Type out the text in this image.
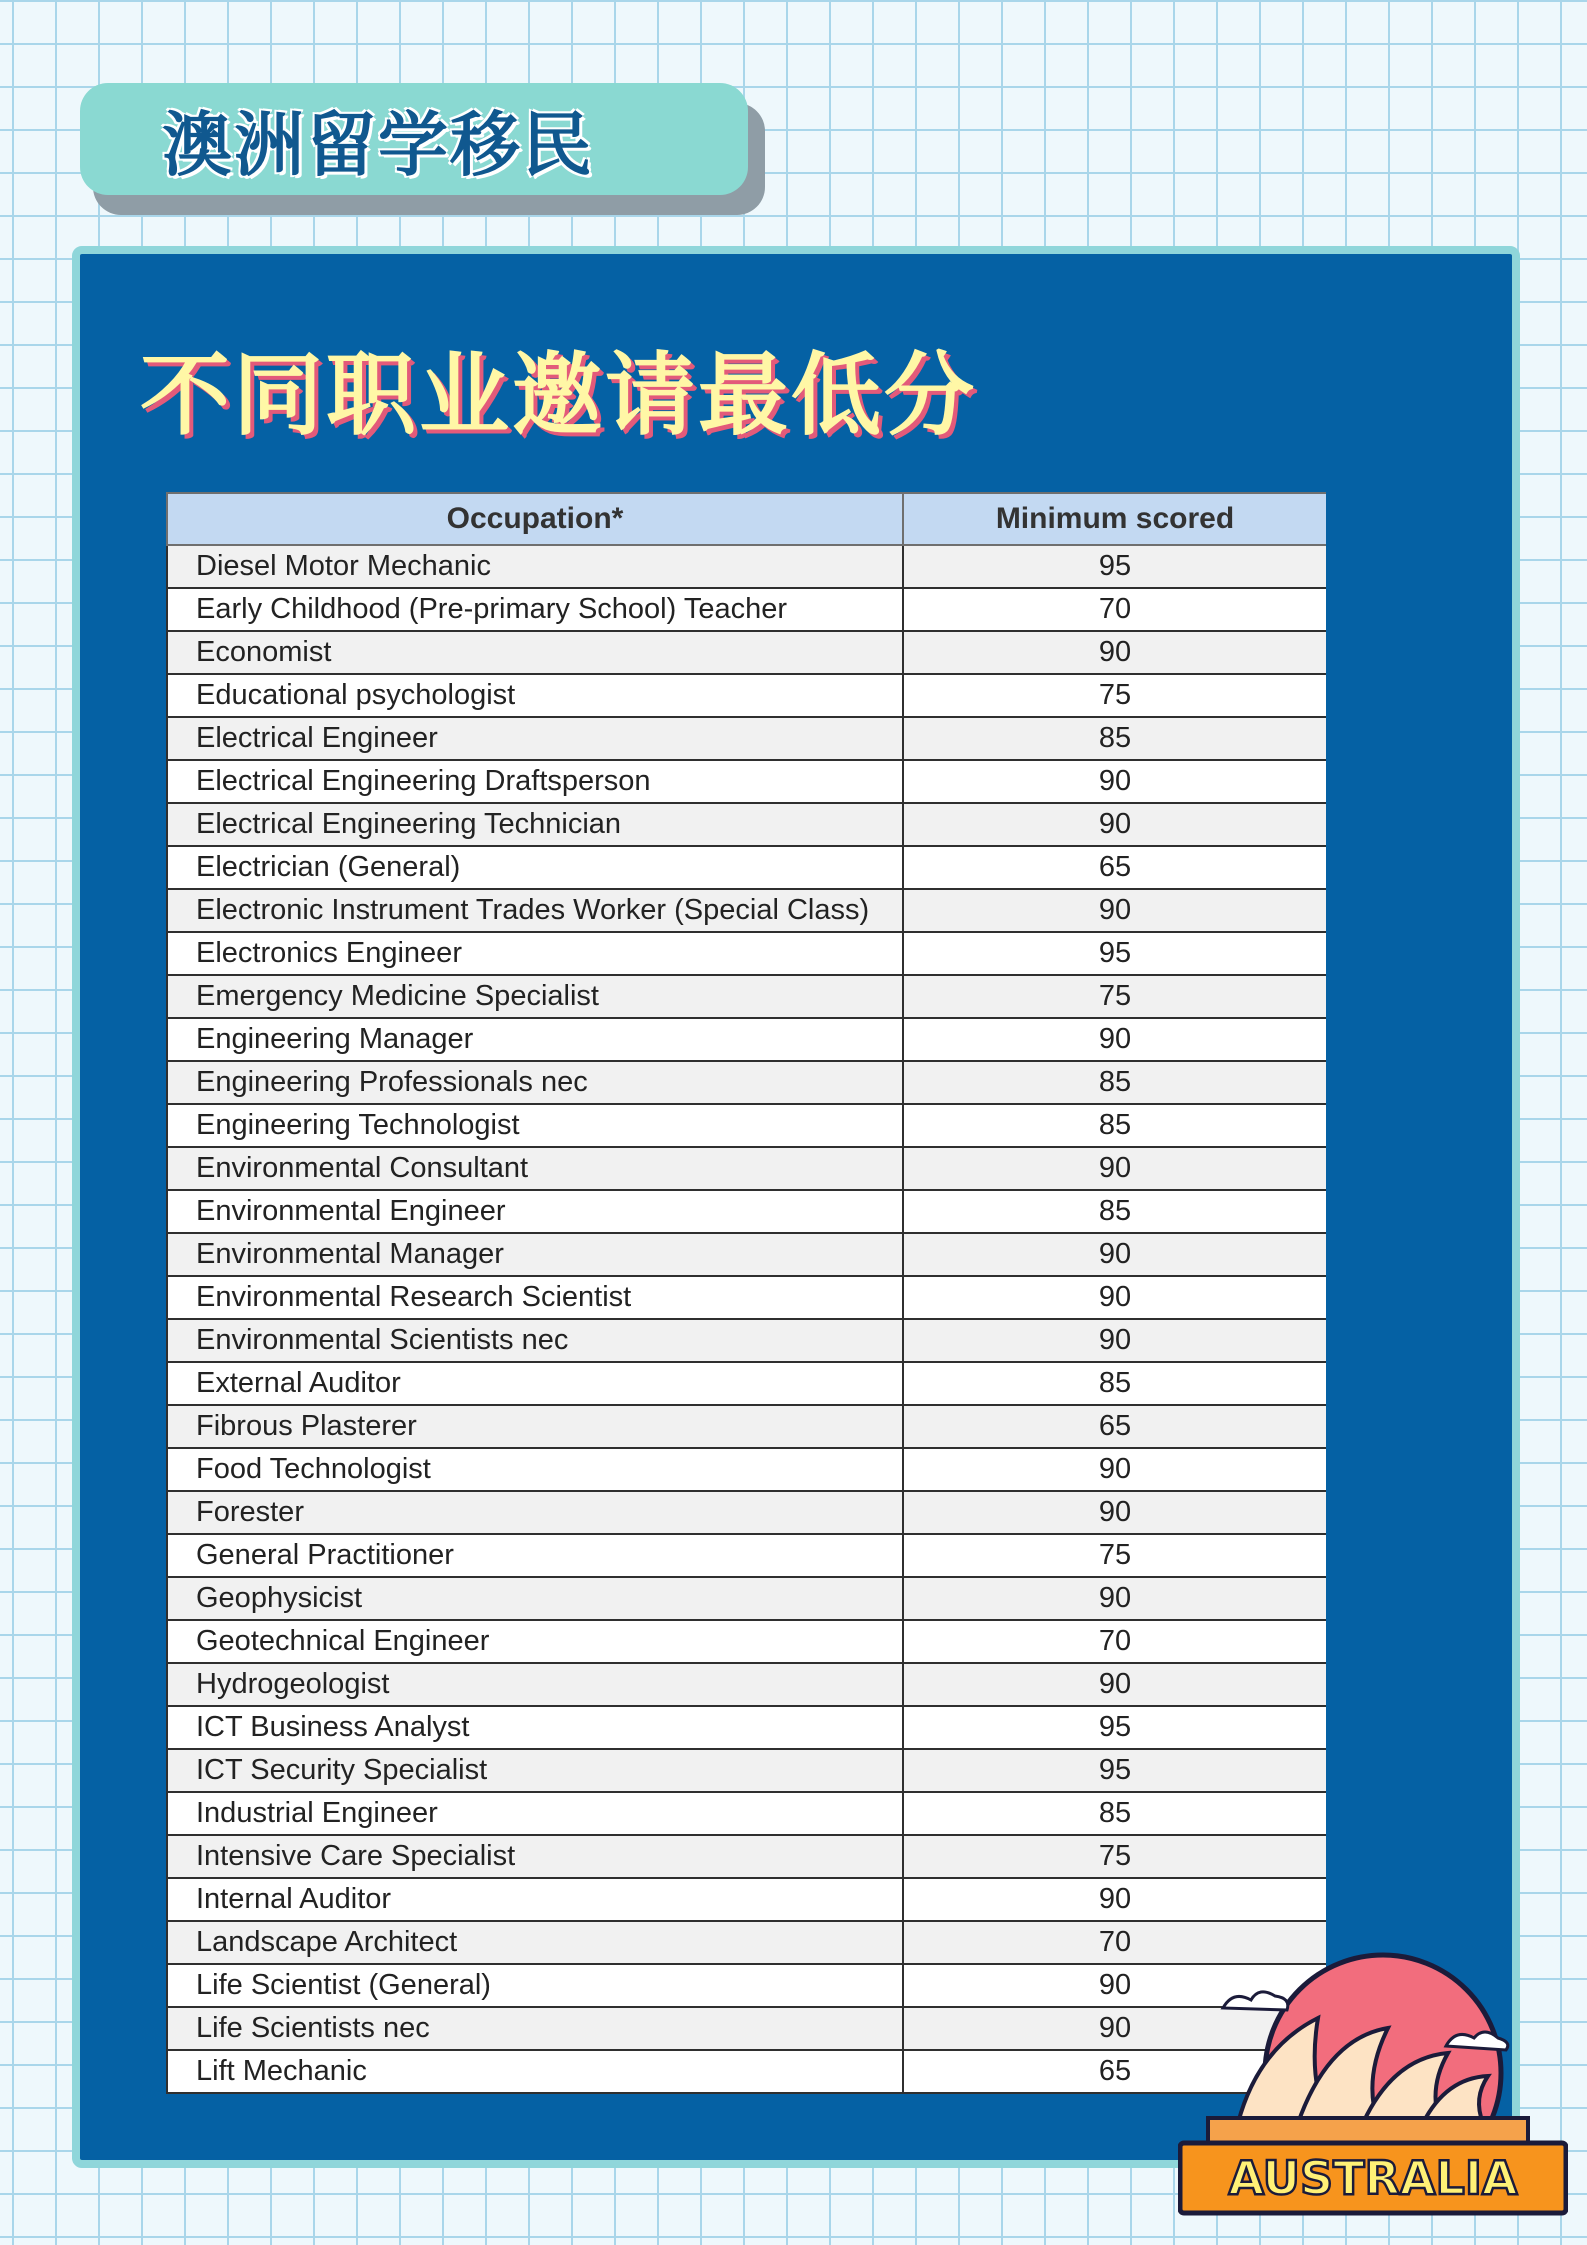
澳洲留学移民
不同职业邀请最低分
Occupation*	Minimum scored
Diesel Motor Mechanic	95
Early Childhood (Pre-primary School) Teacher	70
Economist	90
Educational psychologist	75
Electrical Engineer	85
Electrical Engineering Draftsperson	90
Electrical Engineering Technician	90
Electrician (General)	65
Electronic Instrument Trades Worker (Special Class)	90
Electronics Engineer	95
Emergency Medicine Specialist	75
Engineering Manager	90
Engineering Professionals nec	85
Engineering Technologist	85
Environmental Consultant	90
Environmental Engineer	85
Environmental Manager	90
Environmental Research Scientist	90
Environmental Scientists nec	90
External Auditor	85
Fibrous Plasterer	65
Food Technologist	90
Forester	90
General Practitioner	75
Geophysicist	90
Geotechnical Engineer	70
Hydrogeologist	90
ICT Business Analyst	95
ICT Security Specialist	95
Industrial Engineer	85
Intensive Care Specialist	75
Internal Auditor	90
Landscape Architect	70
Life Scientist (General)	90
Life Scientists nec	90
Lift Mechanic	65
AUSTRALIA
